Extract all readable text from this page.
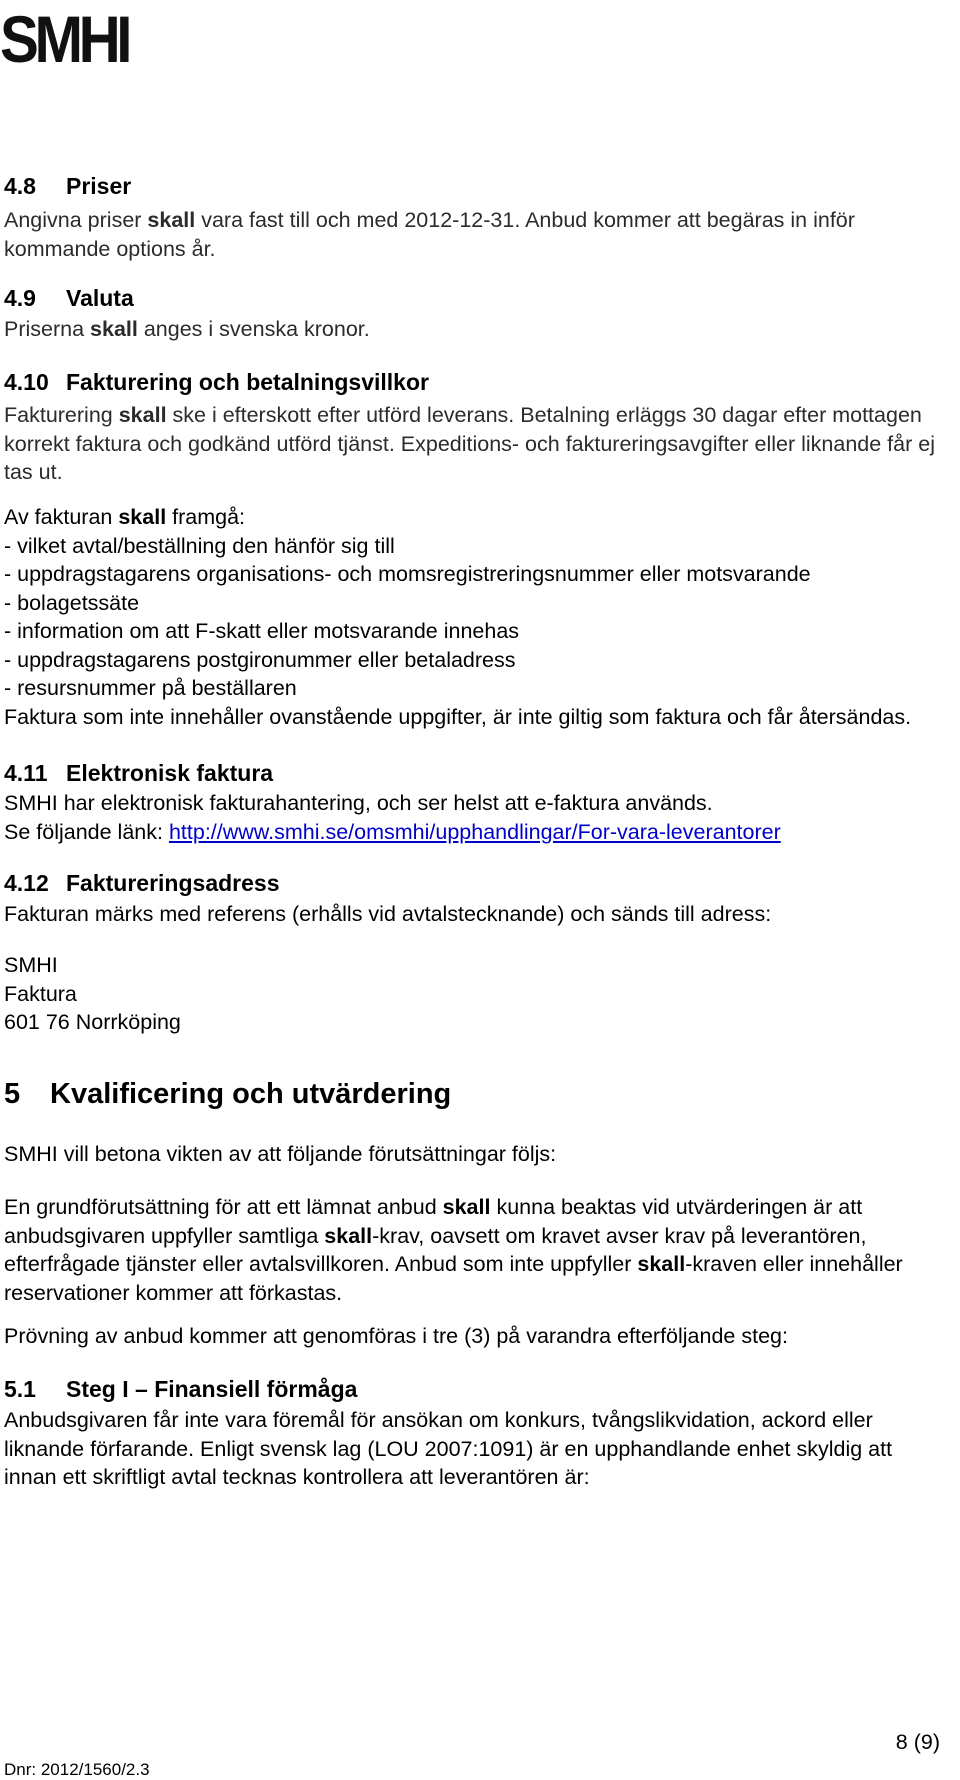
SMHI
4.8 Priser

Angivna priser skall vara fast till och med 2012-12-31. Anbud kommer att begäras in inför kommande options år.

4.9 Valuta

Priserna skall anges i svenska kronor.

4.10 Fakturering och betalningsvillkor

Fakturering skall ske i efterskott efter utförd leverans. Betalning erläggs 30 dagar efter mottagen korrekt faktura och godkänd utförd tjänst. Expeditions- och faktureringsavgifter eller liknande får ej tas ut.

Av fakturan skall framgå:
- vilket avtal/beställning den hänför sig till
- uppdragstagarens organisations- och momsregistreringsnummer eller motsvarande
- bolagetssäte
- information om att F-skatt eller motsvarande innehas
- uppdragstagarens postgironummer eller betaladress
- resursnummer på beställaren
Faktura som inte innehåller ovanstående uppgifter, är inte giltig som faktura och får återsändas.
4.11 Elektronisk faktura
SMHI har elektronisk fakturahantering, och ser helst att e-faktura används.
Se följande länk: http://www.smhi.se/omsmhi/upphandlingar/For-vara-leverantorer
4.12 Faktureringsadress

Fakturan märks med referens (erhålls vid avtalstecknande) och sänds till adress:

SMHI
Faktura
601 76 Norrköping
5 Kvalificering och utvärdering

SMHI vill betona vikten av att följande förutsättningar följs:

En grundförutsättning för att ett lämnat anbud skall kunna beaktas vid utvärderingen är att anbudsgivaren uppfyller samtliga skall-krav, oavsett om kravet avser krav på leverantören, efterfrågade tjänster eller avtalsvillkoren. Anbud som inte uppfyller skall-kraven eller innehåller reservationer kommer att förkastas.

Prövning av anbud kommer att genomföras i tre (3) på varandra efterföljande steg:

5.1 Steg I – Finansiell förmåga

Anbudsgivaren får inte vara föremål för ansökan om konkurs, tvångslikvidation, ackord eller liknande förfarande. Enligt svensk lag (LOU 2007:1091) är en upphandlande enhet skyldig att innan ett skriftligt avtal tecknas kontrollera att leverantören är:

8 (9)
Dnr: 2012/1560/2.3
